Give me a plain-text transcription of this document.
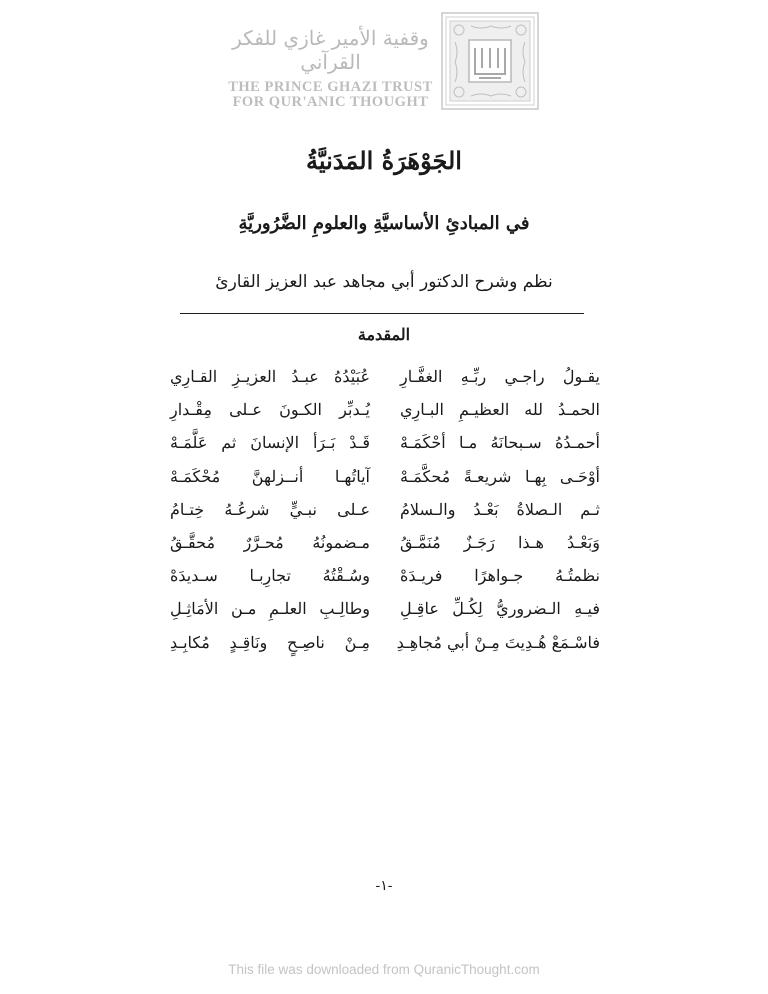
وقفية الأمير غازي للفكر القرآني
THE PRINCE GHAZI TRUST
FOR QUR'ANIC THOUGHT
الجَوْهَرَةُ المَدَنيَّةُ
في المبادئِ الأساسيَّةِ والعلومِ الضَّرُوريَّةِ
نظم وشرح الدكتور أبي مجاهد عبد العزيز القارئ
المقدمة
يقـولُ راجـي ربِّـهِ الغفَّـارِ
عُبَيْدُهُ عبـدُ العزيـزِ القـارِي
الحمـدُ لله العظيـمِ البـارِي
يُـدبِّر الكـونَ عـلى مِقْـدارِ
أحمـدُهُ سـبحانَهُ مـا أحْكَمَـهْ
قَـدْ بَـرَأ الإنسانَ ثم عَلَّمَـهْ
أوْحَـى بِهـا شريعـةً مُحكَّمَـهْ
آياتُهـا أنــزلهنَّ مُحْكَمَـهْ
ثـم الـصلاةُ بَعْـدُ والـسلامُ
عـلى نبـيٍّ شرعُـهُ خِتـامُ
وَبَعْـدُ هـذا رَجَـزٌ مُنَمَّـقُ
مـضمونُهُ مُحـرَّرٌ مُحقَّـقُ
نظمتُـهُ جـواهرًا فريـدَهْ
وسُـقْتُهُ تجارِبـا سـديدَهْ
فيـهِ الـضروريُّ لِكُـلِّ عاقِـلِ
وطالِـبِ العلـمِ مـن الأمَاثِـلِ
فاسْـمَعْ هُـدِيتَ مِـنْ أبي مُجاهِـدِ
مِـنْ ناصِـحٍ ونَاقِـدٍ مُكابِـدِ
-١-
This file was downloaded from QuranicThought.com
